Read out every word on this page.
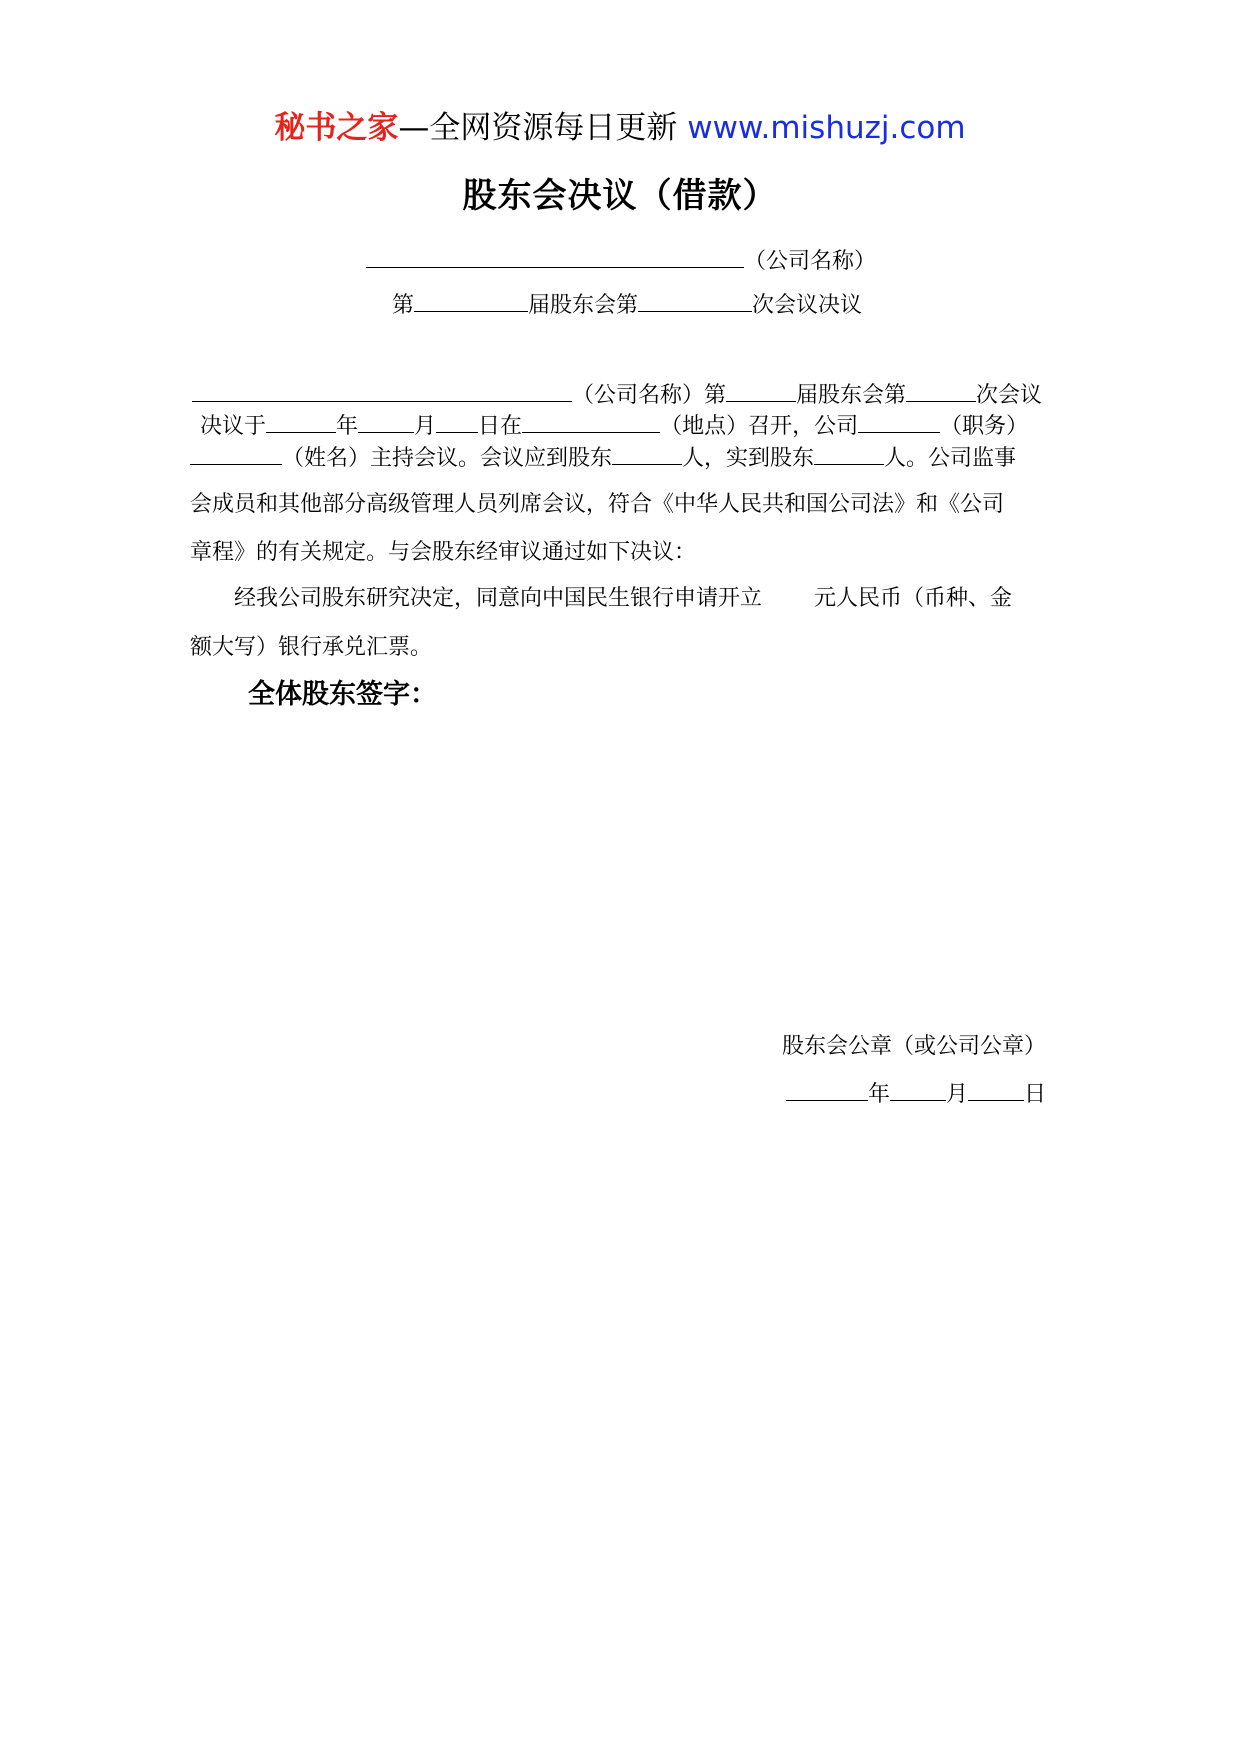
秘书之家—全网资源每日更新 www.mishuzj.com
股东会决议（借款）
（公司名称）
第	届股东会第	次会议决议
（公司名称）第	届股东会第	次会议
决议于	年	月 日在	（地点）召开，公司	（职务）
（姓名）主持会议。会议应到股东	人，实到股东	人。公司监事
会成员和其他部分高级管理人员列席会议，符合《中华人民共和国公司法》和《公司
章程》的有关规定。与会股东经审议通过如下决议：
经我公司股东研究决定，同意向中国民生银行申请开立 元人民币（币种、金
额大写）银行承兑汇票。
全体股东签字：
股东会公章（或公司公章）
年	月	日
